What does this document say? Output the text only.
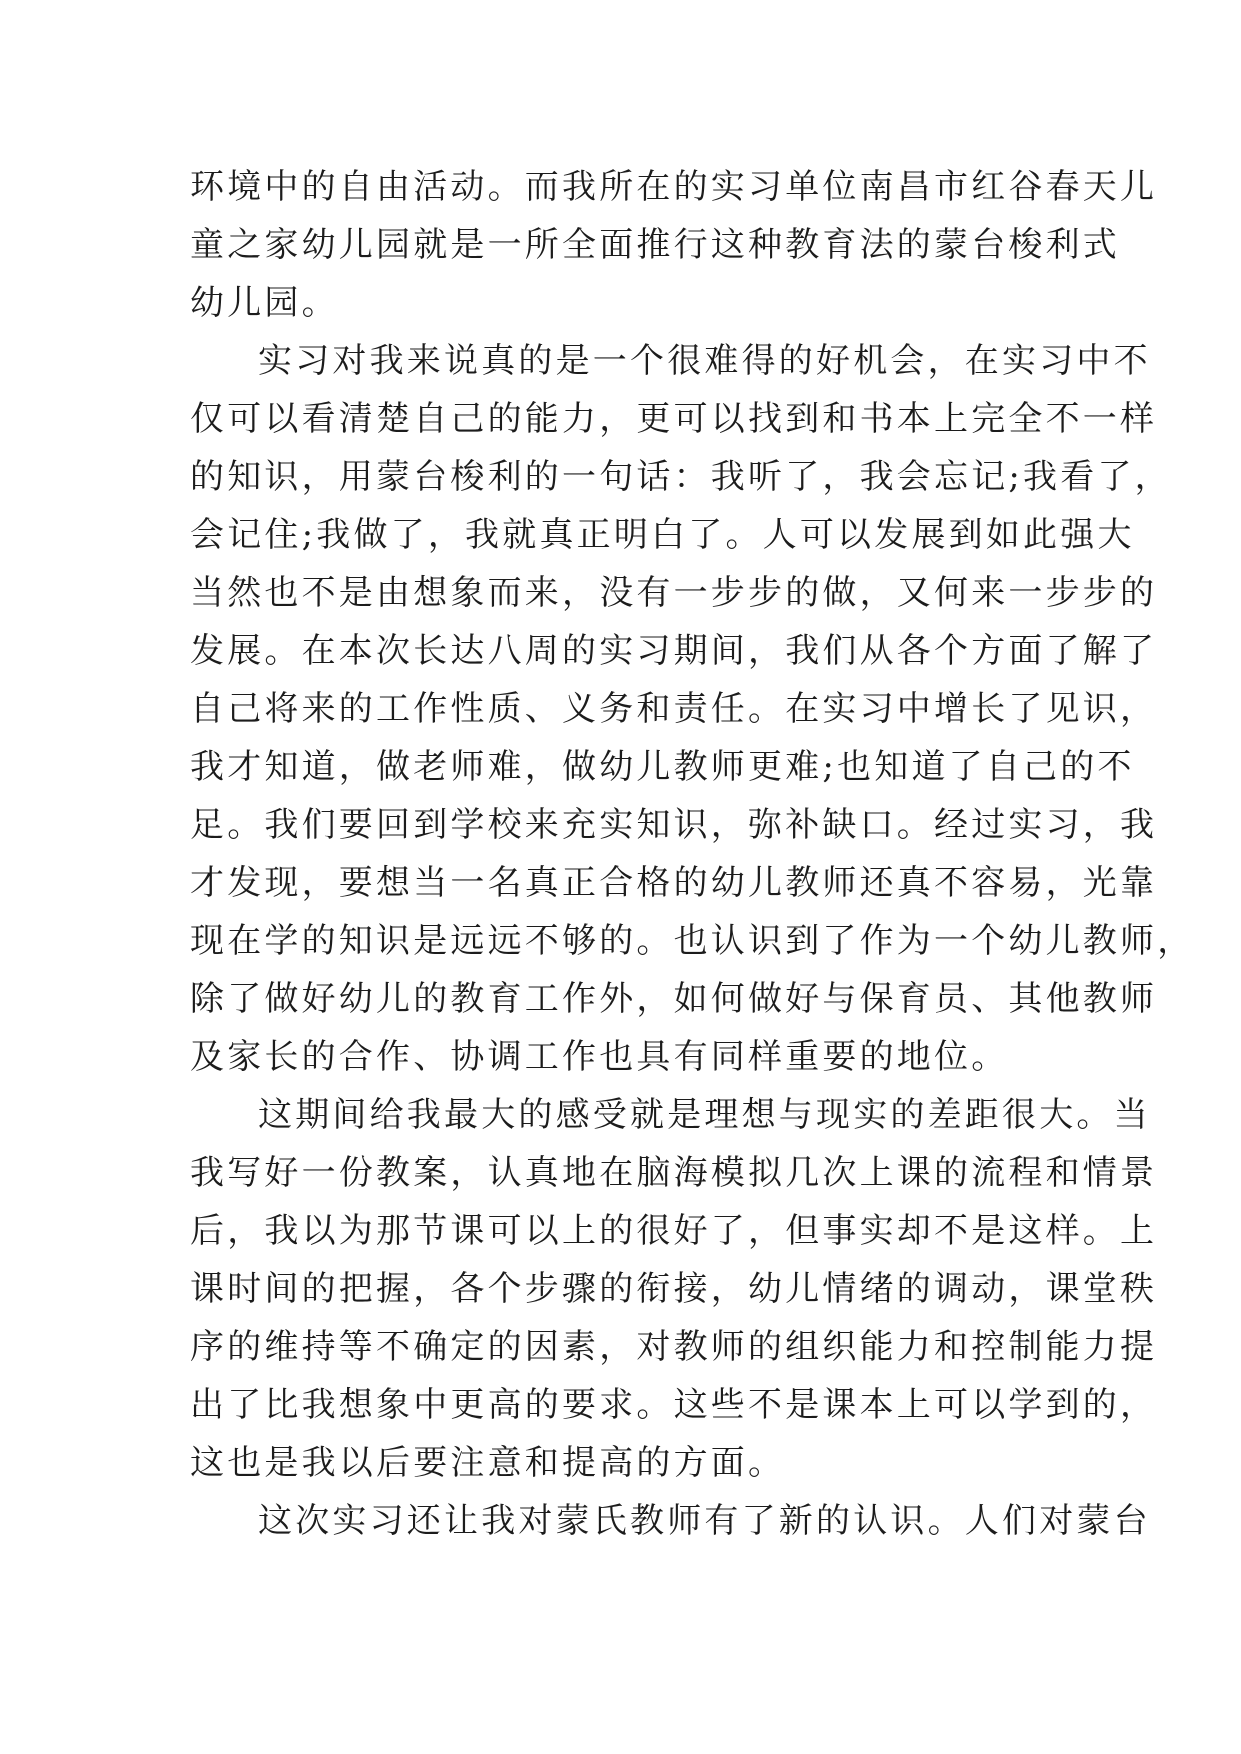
环境中的自由活动。而我所在的实习单位南昌市红谷春天儿
童之家幼儿园就是一所全面推行这种教育法的蒙台梭利式
幼儿园。
实习对我来说真的是一个很难得的好机会，在实习中不
仅可以看清楚自己的能力，更可以找到和书本上完全不一样
的知识，用蒙台梭利的一句话：我听了，我会忘记;我看了，
会记住;我做了，我就真正明白了。人可以发展到如此强大
当然也不是由想象而来，没有一步步的做，又何来一步步的
发展。在本次长达八周的实习期间，我们从各个方面了解了
自己将来的工作性质、义务和责任。在实习中增长了见识，
我才知道，做老师难，做幼儿教师更难;也知道了自己的不
足。我们要回到学校来充实知识，弥补缺口。经过实习，我
才发现，要想当一名真正合格的幼儿教师还真不容易，光靠
现在学的知识是远远不够的。也认识到了作为一个幼儿教师，
除了做好幼儿的教育工作外，如何做好与保育员、其他教师
及家长的合作、协调工作也具有同样重要的地位。
这期间给我最大的感受就是理想与现实的差距很大。当
我写好一份教案，认真地在脑海模拟几次上课的流程和情景
后，我以为那节课可以上的很好了，但事实却不是这样。上
课时间的把握，各个步骤的衔接，幼儿情绪的调动，课堂秩
序的维持等不确定的因素，对教师的组织能力和控制能力提
出了比我想象中更高的要求。这些不是课本上可以学到的，
这也是我以后要注意和提高的方面。
这次实习还让我对蒙氏教师有了新的认识。人们对蒙台
